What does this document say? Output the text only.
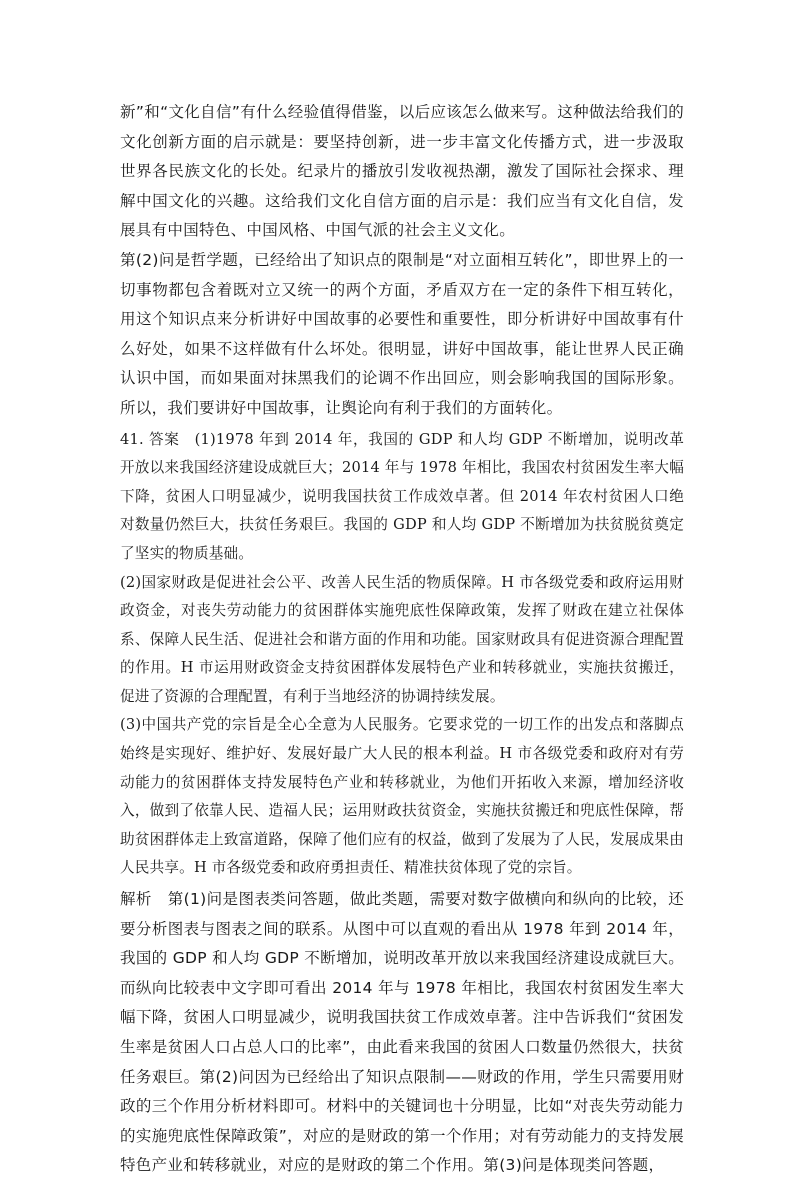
新”和“文化自信”有什么经验值得借鉴，以后应该怎么做来写。这种做法给我们的文化创新方面的启示就是：要坚持创新，进一步丰富文化传播方式，进一步汲取世界各民族文化的长处。纪录片的播放引发收视热潮，激发了国际社会探求、理解中国文化的兴趣。这给我们文化自信方面的启示是：我们应当有文化自信，发展具有中国特色、中国风格、中国气派的社会主义文化。

第(2)问是哲学题，已经给出了知识点的限制是“对立面相互转化”，即世界上的一切事物都包含着既对立又统一的两个方面，矛盾双方在一定的条件下相互转化，用这个知识点来分析讲好中国故事的必要性和重要性，即分析讲好中国故事有什么好处，如果不这样做有什么坏处。很明显，讲好中国故事，能让世界人民正确认识中国，而如果面对抹黑我们的论调不作出回应，则会影响我国的国际形象。所以，我们要讲好中国故事，让舆论向有利于我们的方面转化。

41. 答案　(1)1978 年到 2014 年，我国的 GDP 和人均 GDP 不断增加，说明改革开放以来我国经济建设成就巨大；2014 年与 1978 年相比，我国农村贫困发生率大幅下降，贫困人口明显减少，说明我国扶贫工作成效卓著。但 2014 年农村贫困人口绝对数量仍然巨大，扶贫任务艰巨。我国的 GDP 和人均 GDP 不断增加为扶贫脱贫奠定了坚实的物质基础。

(2)国家财政是促进社会公平、改善人民生活的物质保障。H 市各级党委和政府运用财政资金，对丧失劳动能力的贫困群体实施兜底性保障政策，发挥了财政在建立社保体系、保障人民生活、促进社会和谐方面的作用和功能。国家财政具有促进资源合理配置的作用。H 市运用财政资金支持贫困群体发展特色产业和转移就业，实施扶贫搬迁，促进了资源的合理配置，有利于当地经济的协调持续发展。

(3)中国共产党的宗旨是全心全意为人民服务。它要求党的一切工作的出发点和落脚点始终是实现好、维护好、发展好最广大人民的根本利益。H 市各级党委和政府对有劳动能力的贫困群体支持发展特色产业和转移就业，为他们开拓收入来源，增加经济收入，做到了依靠人民、造福人民；运用财政扶贫资金，实施扶贫搬迁和兜底性保障，帮助贫困群体走上致富道路，保障了他们应有的权益，做到了发展为了人民，发展成果由人民共享。H 市各级党委和政府勇担责任、精准扶贫体现了党的宗旨。

解析　第(1)问是图表类问答题，做此类题，需要对数字做横向和纵向的比较，还要分析图表与图表之间的联系。从图中可以直观的看出从 1978 年到 2014 年，我国的 GDP 和人均 GDP 不断增加，说明改革开放以来我国经济建设成就巨大。而纵向比较表中文字即可看出 2014 年与 1978 年相比，我国农村贫困发生率大幅下降，贫困人口明显减少，说明我国扶贫工作成效卓著。注中告诉我们“贫困发生率是贫困人口占总人口的比率”，由此看来我国的贫困人口数量仍然很大，扶贫任务艰巨。第(2)问因为已经给出了知识点限制——财政的作用，学生只需要用财政的三个作用分析材料即可。材料中的关键词也十分明显，比如“对丧失劳动能力的实施兜底性保障政策”，对应的是财政的第一个作用；对有劳动能力的支持发展特色产业和转移就业，对应的是财政的第二个作用。第(3)问是体现类问答题，
